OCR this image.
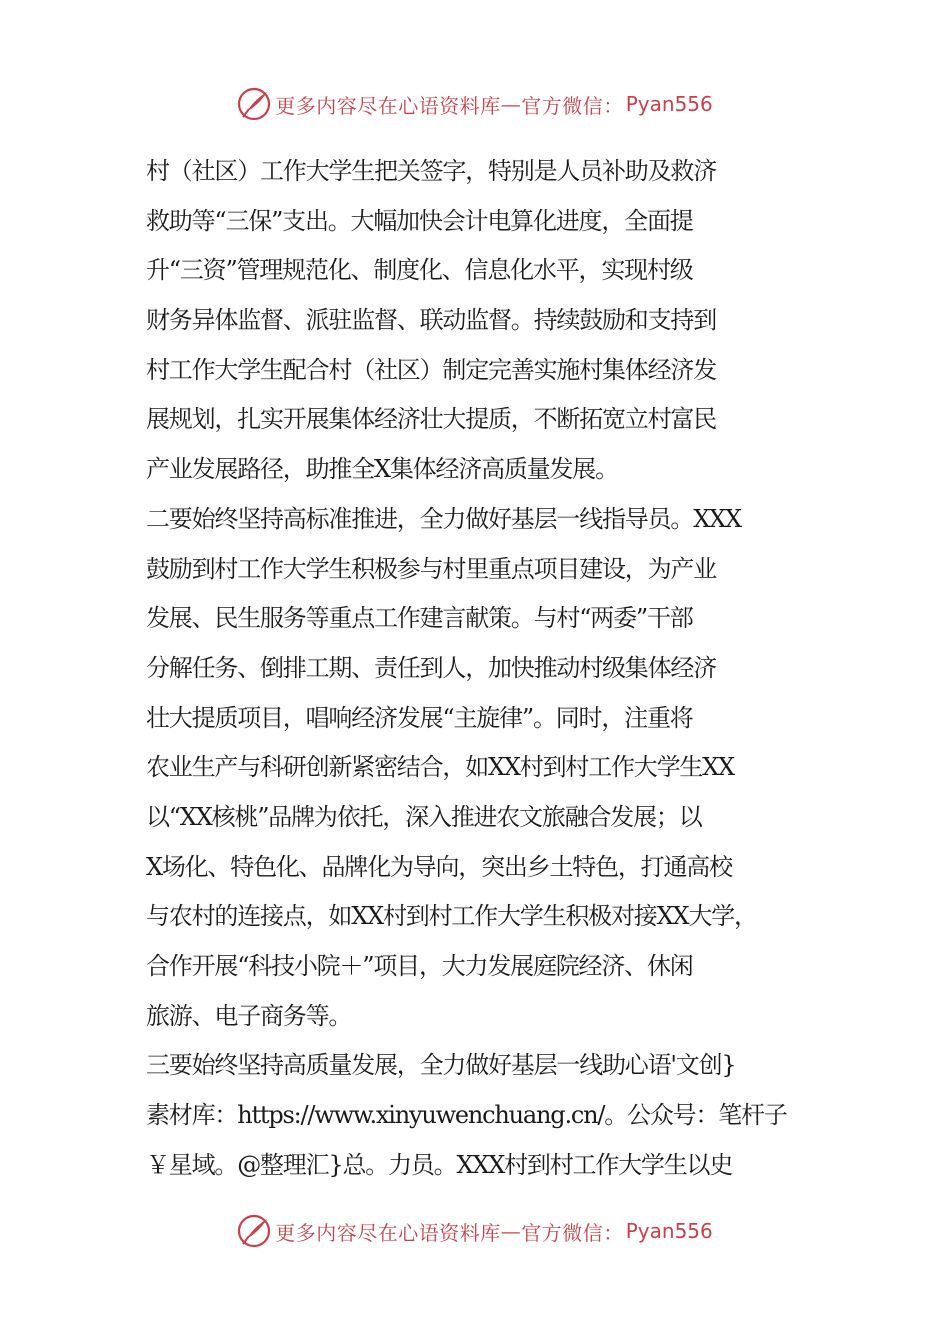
更多内容尽在心语资料库 — 官方微信： Pyan556
村（社区）工作大学生把关签字，特别是人员补助及救济
救助等“三保”支出。大幅加快会计电算化进度，全面提
升“三资”管理规范化、制度化、信息化水平，实现村级
财务异体监督、派驻监督、联动监督。持续鼓励和支持到
村工作大学生配合村（社区）制定完善实施村集体经济发
展规划，扎实开展集体经济壮大提质，不断拓宽立村富民
产业发展路径，助推全X集体经济高质量发展。
二要始终坚持高标准推进，全力做好基层一线指导员。XXX
鼓励到村工作大学生积极参与村里重点项目建设，为产业
发展、民生服务等重点工作建言献策。与村“两委”干部
分解任务、倒排工期、责任到人，加快推动村级集体经济
壮大提质项目，唱响经济发展“主旋律”。同时，注重将
农业生产与科研创新紧密结合，如XX村到村工作大学生XX
以“XX核桃”品牌为依托，深入推进农文旅融合发展；以
X场化、特色化、品牌化为导向，突出乡土特色，打通高校
与农村的连接点，如XX村到村工作大学生积极对接XX大学，
合作开展“科技小院＋”项目，大力发展庭院经济、休闲
旅游、电子商务等。
三要始终坚持高质量发展，全力做好基层一线助心语'文创}
素材库：https://www.xinyuwenchuang.cn/。公众号：笔杆子
￥星域。@整理汇}总。力员。XXX村到村工作大学生以史
更多内容尽在心语资料库 — 官方微信： Pyan556
